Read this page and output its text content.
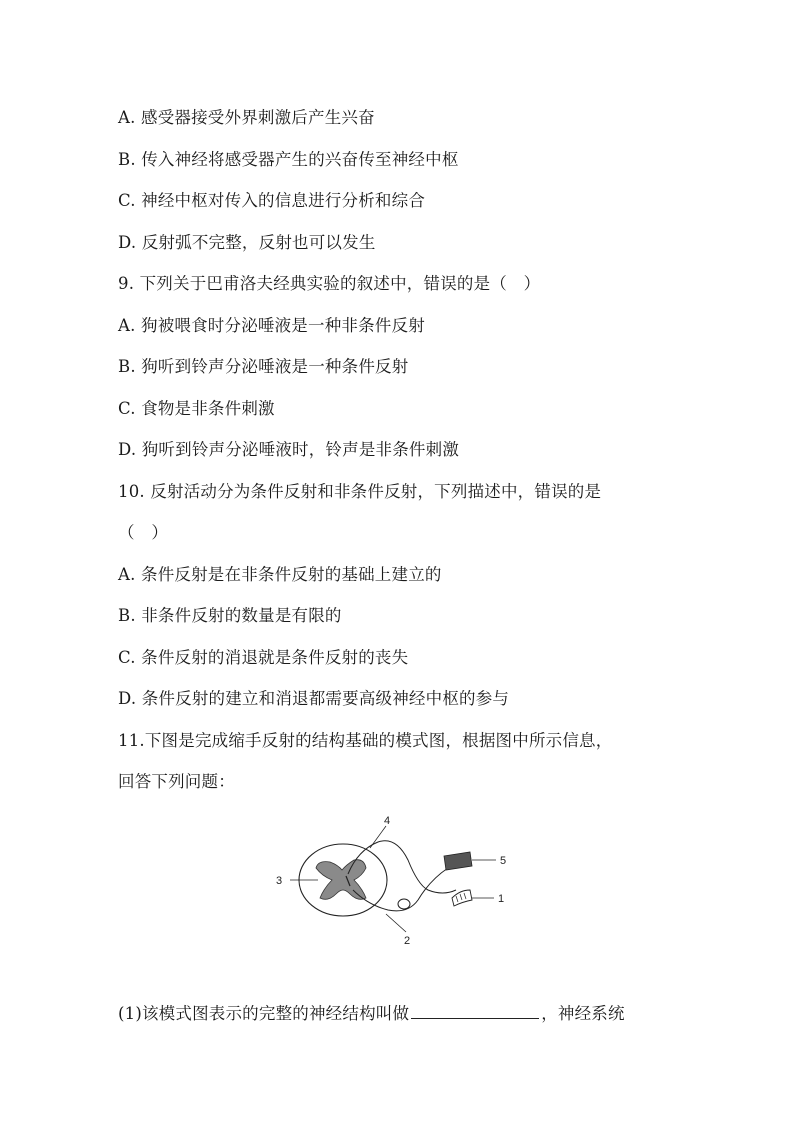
A. 感受器接受外界刺激后产生兴奋
B. 传入神经将感受器产生的兴奋传至神经中枢
C. 神经中枢对传入的信息进行分析和综合
D. 反射弧不完整，反射也可以发生
9. 下列关于巴甫洛夫经典实验的叙述中，错误的是（　）
A. 狗被喂食时分泌唾液是一种非条件反射
B. 狗听到铃声分泌唾液是一种条件反射
C. 食物是非条件刺激
D. 狗听到铃声分泌唾液时，铃声是非条件刺激
10. 反射活动分为条件反射和非条件反射，下列描述中，错误的是
（　）
A. 条件反射是在非条件反射的基础上建立的
B. 非条件反射的数量是有限的
C. 条件反射的消退就是条件反射的丧失
D. 条件反射的建立和消退都需要高级神经中枢的参与
11.下图是完成缩手反射的结构基础的模式图，根据图中所示信息，
回答下列问题：
1
2
3
4
5
(1)该模式图表示的完整的神经结构叫做	，神经系统
